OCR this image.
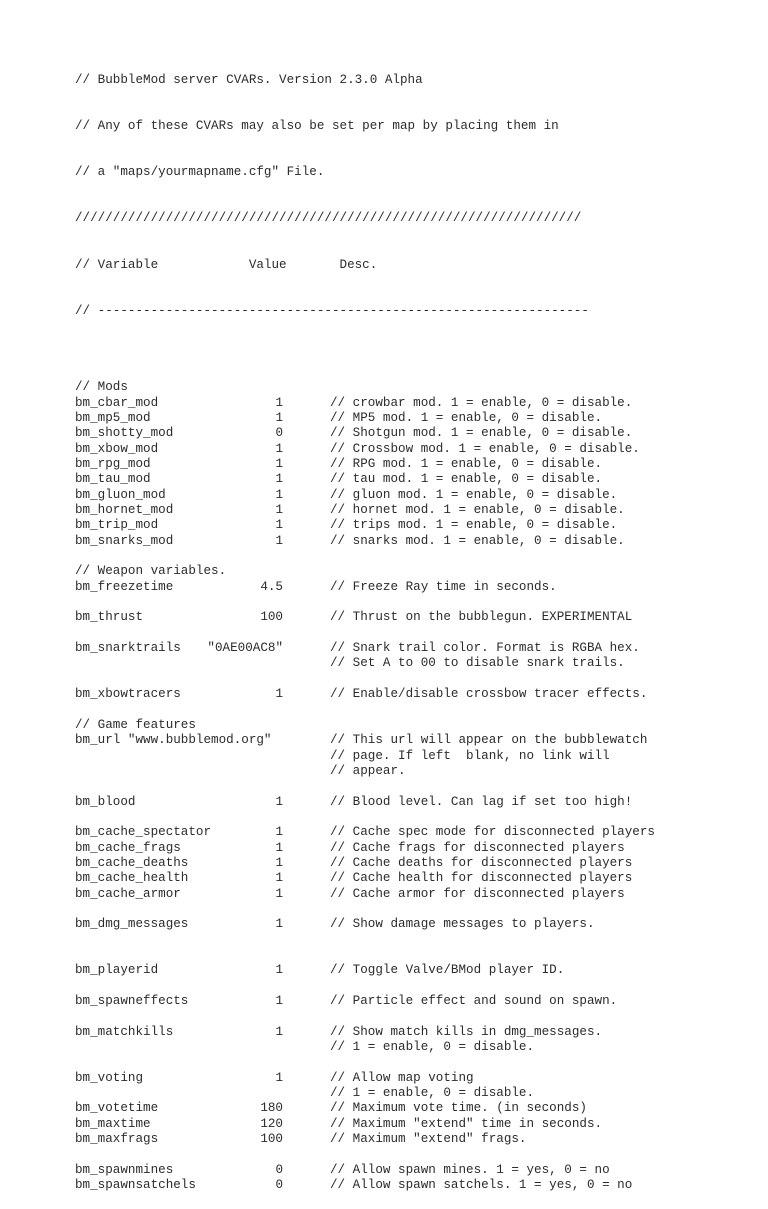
// BubbleMod server CVARs. Version 2.3.0 Alpha

// Any of these CVARs may also be set per map by placing them in

// a "maps/yourmapname.cfg" File.

///////////////////////////////////////////////////////////////////

// Variable            Value       Desc.

// -----------------------------------------------------------------

// Mods
bm_cbar_mod	1	// crowbar mod. 1 = enable, 0 = disable.
bm_mp5_mod	1	// MP5 mod. 1 = enable, 0 = disable.
bm_shotty_mod	0	// Shotgun mod. 1 = enable, 0 = disable.
bm_xbow_mod	1	// Crossbow mod. 1 = enable, 0 = disable.
bm_rpg_mod	1	// RPG mod. 1 = enable, 0 = disable.
bm_tau_mod	1	// tau mod. 1 = enable, 0 = disable.
bm_gluon_mod	1	// gluon mod. 1 = enable, 0 = disable.
bm_hornet_mod	1	// hornet mod. 1 = enable, 0 = disable.
bm_trip_mod	1	// trips mod. 1 = enable, 0 = disable.
bm_snarks_mod	1	// snarks mod. 1 = enable, 0 = disable.
// Weapon variables.
bm_freezetime	4.5	// Freeze Ray time in seconds.
bm_thrust	100	// Thrust on the bubblegun. EXPERIMENTAL
bm_snarktrails "0AE00AC8"	// Snark trail color. Format is RGBA hex.
// Set A to 00 to disable snark trails.
bm_xbowtracers	1	// Enable/disable crossbow tracer effects.
// Game features
bm_url "www.bubblemod.org"	// This url will appear on the bubblewatch
// page. If left  blank, no link will
// appear.
bm_blood	1	// Blood level. Can lag if set too high!
bm_cache_spectator	1	// Cache spec mode for disconnected players
bm_cache_frags	1	// Cache frags for disconnected players
bm_cache_deaths	1	// Cache deaths for disconnected players
bm_cache_health	1	// Cache health for disconnected players
bm_cache_armor	1	// Cache armor for disconnected players
bm_dmg_messages	1	// Show damage messages to players.
bm_playerid	1	// Toggle Valve/BMod player ID.
bm_spawneffects	1	// Particle effect and sound on spawn.
bm_matchkills	1	// Show match kills in dmg_messages.
// 1 = enable, 0 = disable.
bm_voting	1	// Allow map voting
// 1 = enable, 0 = disable.
bm_votetime	180	// Maximum vote time. (in seconds)
bm_maxtime	120	// Maximum "extend" time in seconds.
bm_maxfrags	100	// Maximum "extend" frags.
bm_spawnmines	0	// Allow spawn mines. 1 = yes, 0 = no
bm_spawnsatchels	0	// Allow spawn satchels. 1 = yes, 0 = no
